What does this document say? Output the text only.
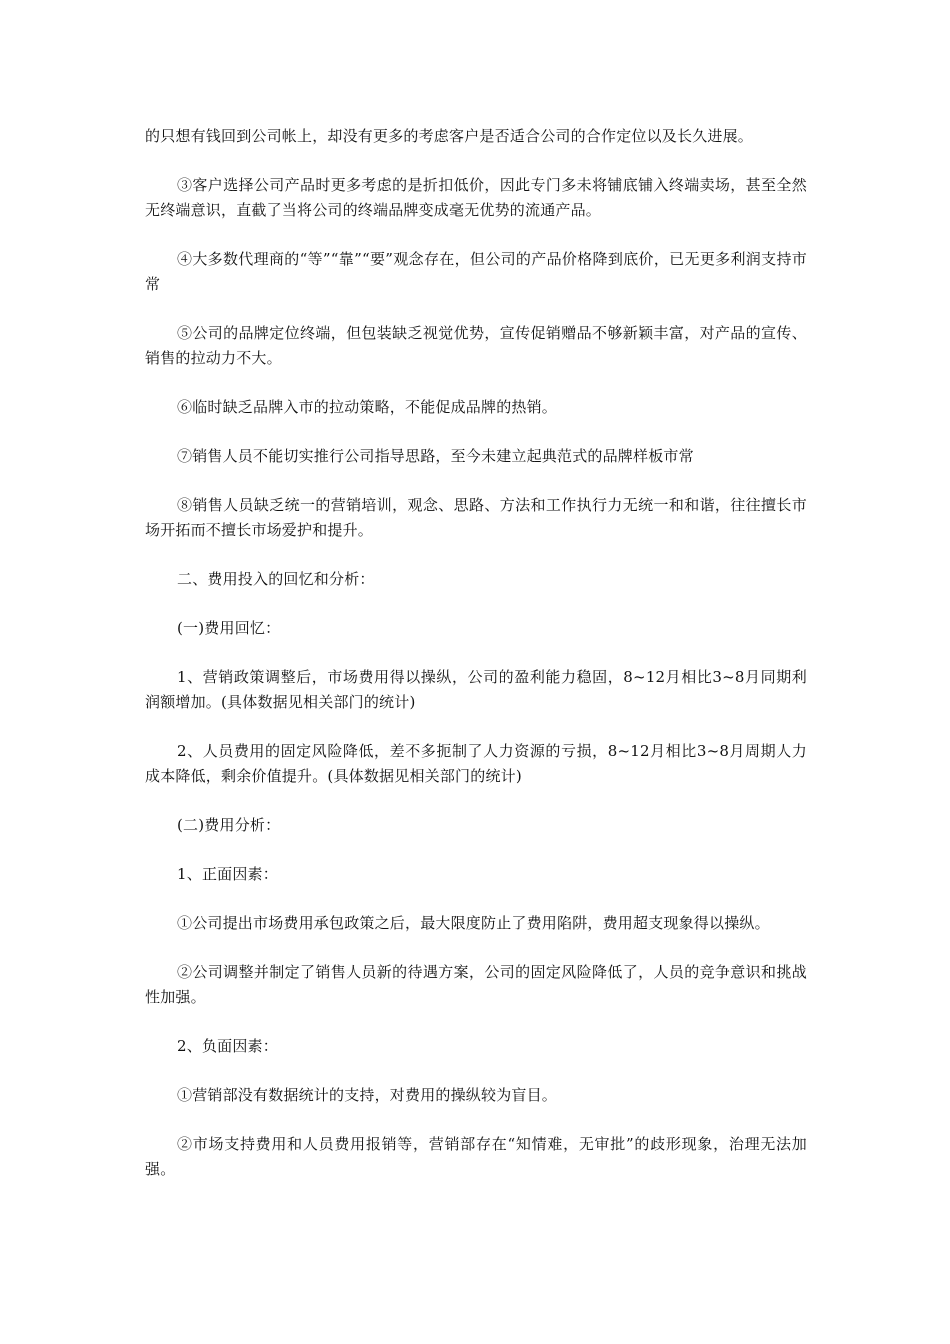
的只想有钱回到公司帐上，却没有更多的考虑客户是否适合公司的合作定位以及长久进展。

③客户选择公司产品时更多考虑的是折扣低价，因此专门多未将铺底铺入终端卖场，甚至全然无终端意识，直截了当将公司的终端品牌变成毫无优势的流通产品。

④大多数代理商的“等”“靠”“要”观念存在，但公司的产品价格降到底价，已无更多利润支持市常

⑤公司的品牌定位终端，但包装缺乏视觉优势，宣传促销赠品不够新颖丰富，对产品的宣传、销售的拉动力不大。

⑥临时缺乏品牌入市的拉动策略，不能促成品牌的热销。

⑦销售人员不能切实推行公司指导思路，至今未建立起典范式的品牌样板市常

⑧销售人员缺乏统一的营销培训，观念、思路、方法和工作执行力无统一和和谐，往往擅长市场开拓而不擅长市场爱护和提升。

二、费用投入的回忆和分析：

(一)费用回忆：

1、营销政策调整后，市场费用得以操纵，公司的盈利能力稳固，8~12月相比3~8月同期利润额增加。(具体数据见相关部门的统计)

2、人员费用的固定风险降低，差不多扼制了人力资源的亏损，8~12月相比3~8月周期人力成本降低，剩余价值提升。(具体数据见相关部门的统计)

(二)费用分析：

1、正面因素：

①公司提出市场费用承包政策之后，最大限度防止了费用陷阱，费用超支现象得以操纵。

②公司调整并制定了销售人员新的待遇方案，公司的固定风险降低了，人员的竞争意识和挑战性加强。

2、负面因素：

①营销部没有数据统计的支持，对费用的操纵较为盲目。

②市场支持费用和人员费用报销等，营销部存在“知情难，无审批”的歧形现象，治理无法加强。
